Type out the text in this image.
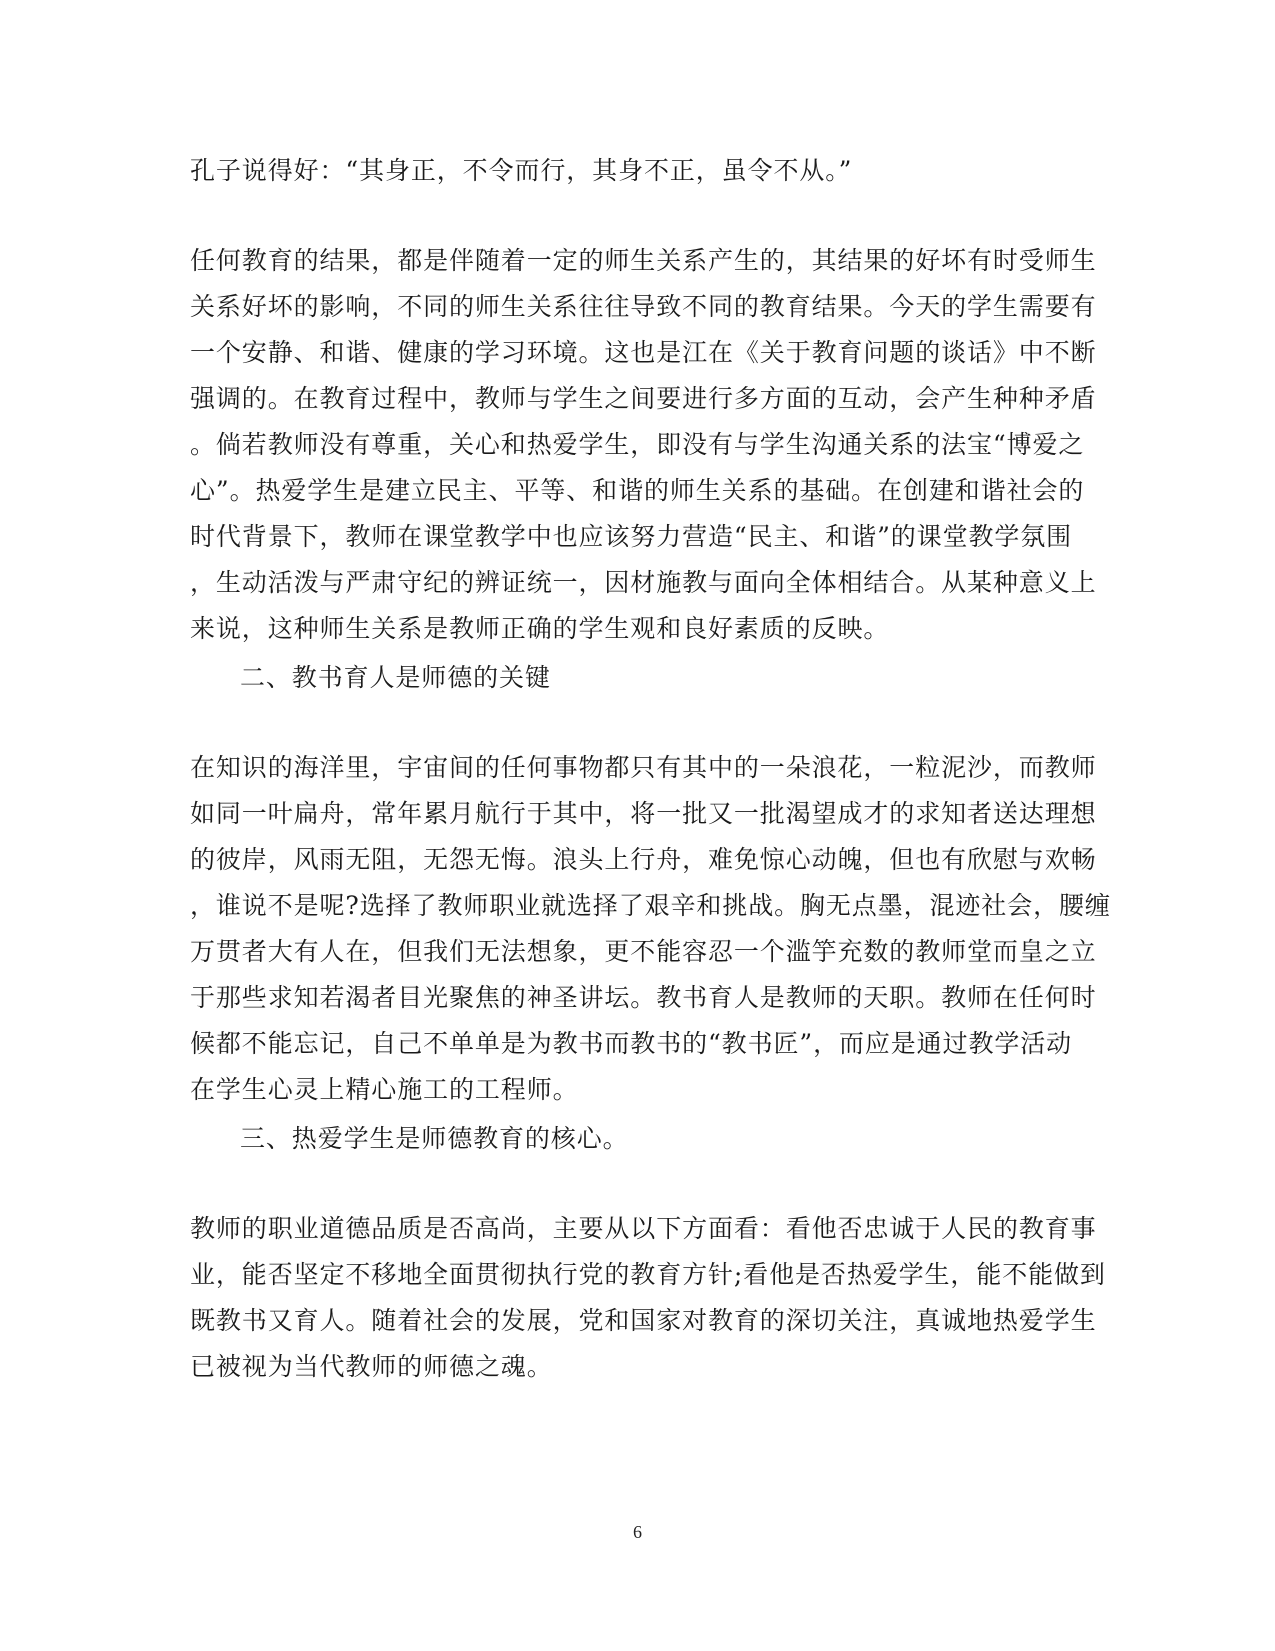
孔子说得好：“其身正，不令而行，其身不正，虽令不从。”
任何教育的结果，都是伴随着一定的师生关系产生的，其结果的好坏有时受师生
关系好坏的影响，不同的师生关系往往导致不同的教育结果。今天的学生需要有
一个安静、和谐、健康的学习环境。这也是江在《关于教育问题的谈话》中不断
强调的。在教育过程中，教师与学生之间要进行多方面的互动，会产生种种矛盾
。倘若教师没有尊重，关心和热爱学生，即没有与学生沟通关系的法宝“博爱之
心”。热爱学生是建立民主、平等、和谐的师生关系的基础。在创建和谐社会的
时代背景下，教师在课堂教学中也应该努力营造“民主、和谐”的课堂教学氛围
，生动活泼与严肃守纪的辨证统一，因材施教与面向全体相结合。从某种意义上
来说，这种师生关系是教师正确的学生观和良好素质的反映。
二、教书育人是师德的关键
在知识的海洋里，宇宙间的任何事物都只有其中的一朵浪花，一粒泥沙，而教师
如同一叶扁舟，常年累月航行于其中，将一批又一批渴望成才的求知者送达理想
的彼岸，风雨无阻，无怨无悔。浪头上行舟，难免惊心动魄，但也有欣慰与欢畅
，谁说不是呢?选择了教师职业就选择了艰辛和挑战。胸无点墨，混迹社会，腰缠
万贯者大有人在，但我们无法想象，更不能容忍一个滥竽充数的教师堂而皇之立
于那些求知若渴者目光聚焦的神圣讲坛。教书育人是教师的天职。教师在任何时
候都不能忘记，自己不单单是为教书而教书的“教书匠”，而应是通过教学活动
在学生心灵上精心施工的工程师。
三、热爱学生是师德教育的核心。
教师的职业道德品质是否高尚，主要从以下方面看：看他否忠诚于人民的教育事
业，能否坚定不移地全面贯彻执行党的教育方针;看他是否热爱学生，能不能做到
既教书又育人。随着社会的发展，党和国家对教育的深切关注，真诚地热爱学生
已被视为当代教师的师德之魂。
6
